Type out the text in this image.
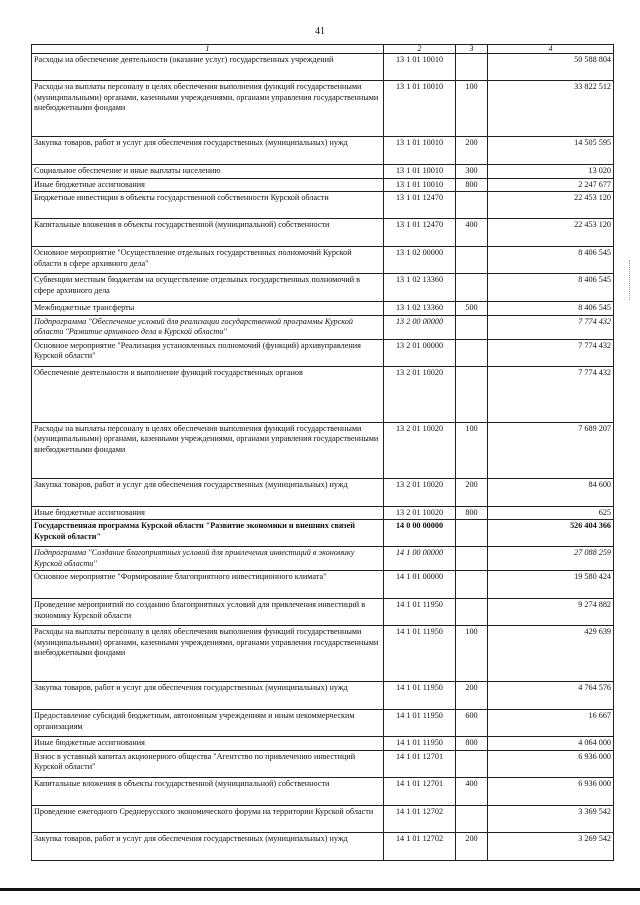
41
1	2	3	4
Расходы на обеспечение деятельности (оказание услуг) государственных учреждений	13 1 01 10010		50 588 804
Расходы на выплаты персоналу в целях обеспечения выполнения функций государственными (муниципальными) органами, казенными учреждениями, органами управления государственными внебюджетными фондами	13 1 01 10010	100	33 822 512
Закупка товаров, работ и услуг для обеспечения государственных (муниципальных) нужд	13 1 01 10010	200	14 505 595
Социальное обеспечение и иные выплаты населению	13 1 01 10010	300	13 020
Иные бюджетные ассигнования	13 1 01 10010	800	2 247 677
Бюджетные инвестиции в объекты государственной собственности Курской области	13 1 01 12470		22 453 120
Капитальные вложения в объекты государственной (муниципальной) собственности	13 1 01 12470	400	22 453 120
Основное мероприятие "Осуществление отдельных государственных полномочий Курской области в сфере архивного дела"	13 1 02 00000		8 406 545
Субвенции местным бюджетам на осуществление отдельных государственных полномочий в сфере архивного дела	13 1 02 13360		8 406 545
Межбюджетные трансферты	13 1 02 13360	500	8 406 545
Подпрограмма "Обеспечение условий для реализации государственной программы Курской области "Развитие архивного дела в Курской области"	13 2 00 00000		7 774 432
Основное мероприятие "Реализация установленных полномочий (функций) архивуправления Курской области"	13 2 01 00000		7 774 432
Обеспечение деятельности и выполнение функций государственных органов	13 2 01 10020		7 774 432
Расходы на выплаты персоналу в целях обеспечения выполнения функций государственными (муниципальными) органами, казенными учреждениями, органами управления государственными внебюджетными фондами	13 2 01 10020	100	7 689 207
Закупка товаров, работ и услуг для обеспечения государственных (муниципальных) нужд	13 2 01 10020	200	84 600
Иные бюджетные ассигнования	13 2 01 10020	800	625
Государственная программа Курской области "Развитие экономики и внешних связей Курской области"	14 0 00 00000		526 404 366
Подпрограмма "Создание благоприятных условий для привлечения инвестиций в экономику Курской области"	14 1 00 00000		27 088 259
Основное мероприятие "Формирование благоприятного инвестиционного климата"	14 1 01 00000		19 580 424
Проведение мероприятий по созданию благоприятных условий для привлечения инвестиций в экономику Курской области	14 1 01 11950		9 274 882
Расходы на выплаты персоналу в целях обеспечения выполнения функций государственными (муниципальными) органами, казенными учреждениями, органами управления государственными внебюджетными фондами	14 1 01 11950	100	429 639
Закупка товаров, работ и услуг для обеспечения государственных (муниципальных) нужд	14 1 01 11950	200	4 764 576
Предоставление субсидий бюджетным, автономным учреждениям и иным некоммерческим организациям	14 1 01 11950	600	16 667
Иные бюджетные ассигнования	14 1 01 11950	800	4 064 000
Взнос в уставный капитал акционерного общества "Агентство по привлечению инвестиций Курской области"	14 1 01 12701		6 936 000
Капитальные вложения в объекты государственной (муниципальной) собственности	14 1 01 12701	400	6 936 000
Проведение ежегодного Среднерусского экономического форума на территории Курской области	14 1 01 12702		3 369 542
Закупка товаров, работ и услуг для обеспечения государственных (муниципальных) нужд	14 1 01 12702	200	3 269 542
